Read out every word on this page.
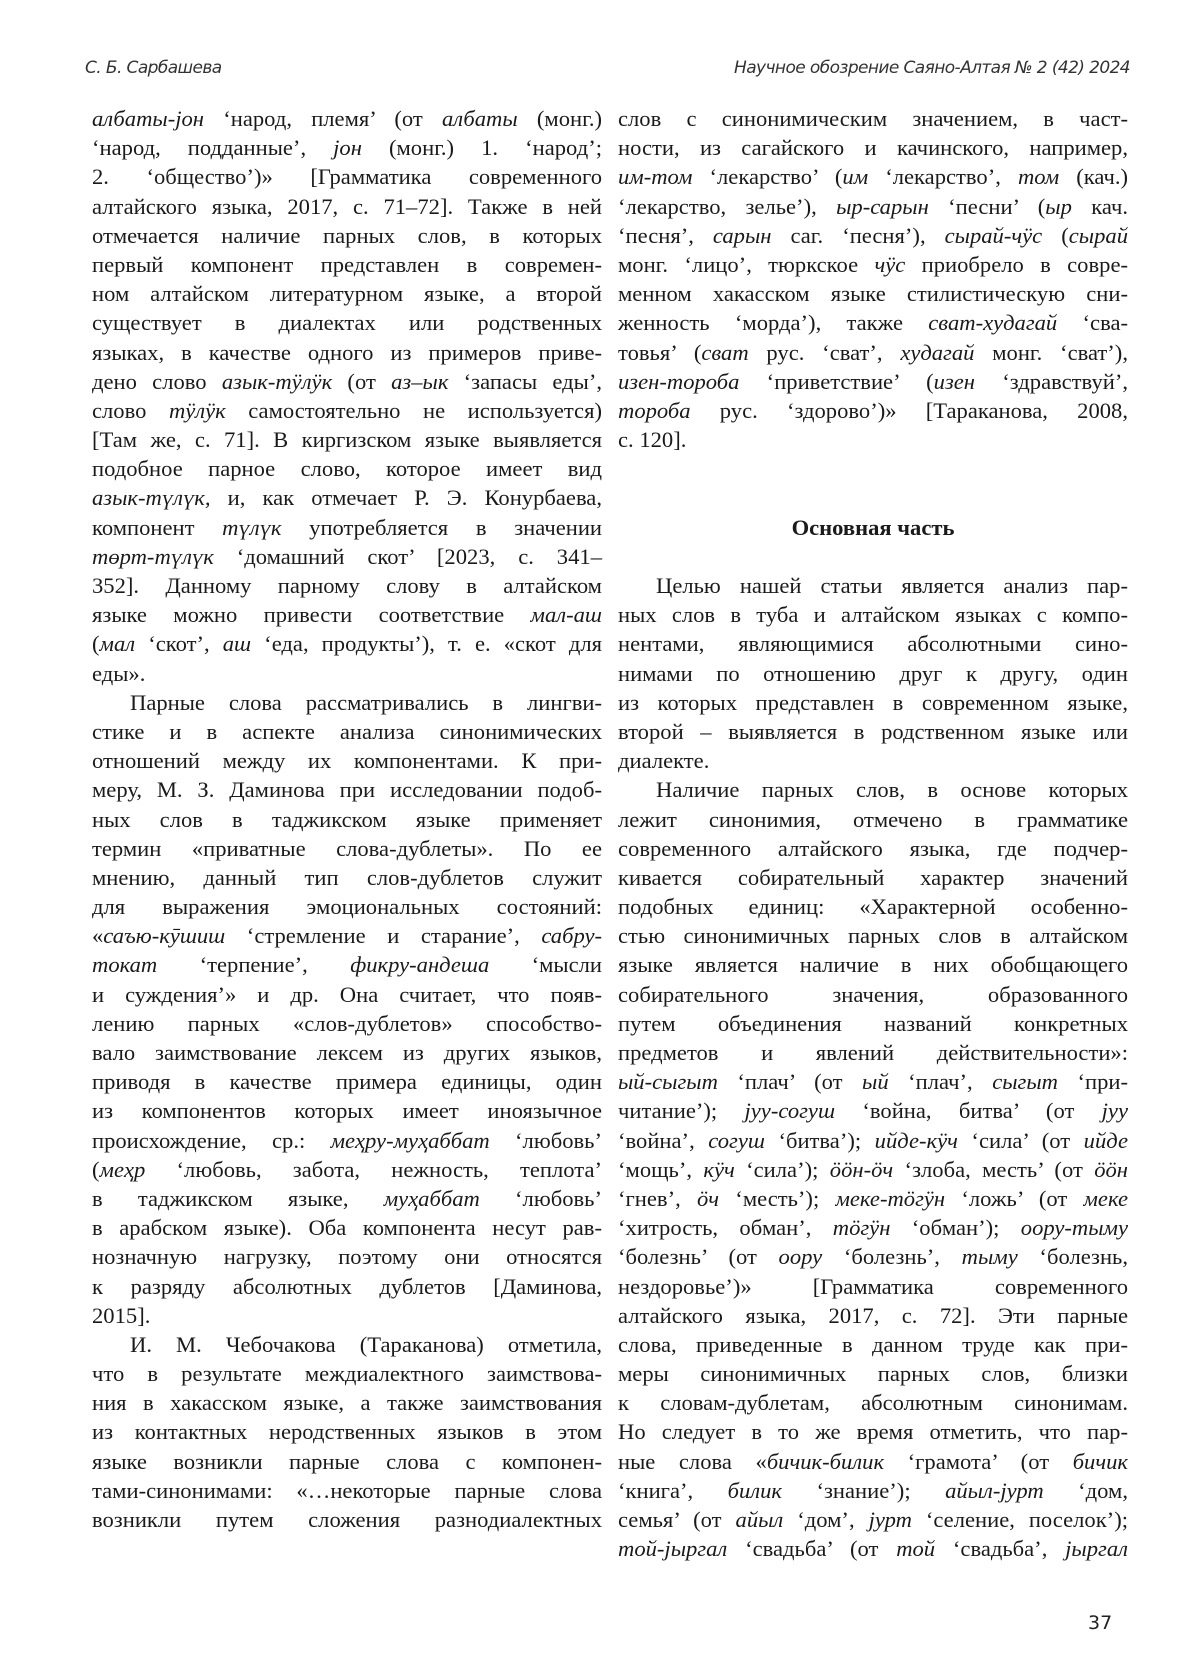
С. Б. Сарбашева	Научное обозрение Саяно-Алтая № 2 (42) 2024
албаты-jон ‘народ, племя’ (от албаты (монг.)
‘народ, подданные’, jон (монг.) 1. ‘народ’;
2. ‘общество’)» [Грамматика современного
алтайского языка, 2017, с. 71–72]. Также в ней
отмечается наличие парных слов, в которых
первый компонент представлен в современ-
ном алтайском литературном языке, а второй
существует в диалектах или родственных
языках, в качестве одного из примеров приве-
дено слово азык-тӱлӱк (от аз–ык ‘запасы еды’,
слово тӱлӱк самостоятельно не используется)
[Там же, с. 71]. В киргизском языке выявляется
подобное парное слово, которое имеет вид
азык-түлүк, и, как отмечает Р. Э. Конурбаева,
компонент түлүк употребляется в значении
төрт-түлүк ‘домашний скот’ [2023, с. 341–
352]. Данному парному слову в алтайском
языке можно привести соответствие мал-аш
(мал ‘скот’, аш ‘еда, продукты’), т. е. «скот для
еды».
Парные слова рассматривались в лингви-
стике и в аспекте анализа синонимических
отношений между их компонентами. К при-
меру, М. З. Даминова при исследовании подоб-
ных слов в таджикском языке применяет
термин «приватные слова-дублеты». По ее
мнению, данный тип слов-дублетов служит
для выражения эмоциональных состояний:
«саъю-кӯшиш ‘стремление и старание’, сабру-
токат ‘терпение’, фикру-андеша ‘мысли
и суждения’» и др. Она считает, что появ-
лению парных «слов-дублетов» способство-
вало заимствование лексем из других языков,
приводя в качестве примера единицы, один
из компонентов которых имеет иноязычное
происхождение, ср.: меҳру-муҳаббат ‘любовь’
(меҳр ‘любовь, забота, нежность, теплота’
в таджикском языке, муҳаббат ‘любовь’
в арабском языке). Оба компонента несут рав-
нозначную нагрузку, поэтому они относятся
к разряду абсолютных дублетов [Даминова,
2015].
И. М. Чебочакова (Тараканова) отметила,
что в результате междиалектного заимствова-
ния в хакасском языке, а также заимствования
из контактных неродственных языков в этом
языке возникли парные слова с компонен-
тами-синонимами: «…некоторые парные слова
возникли путем сложения разнодиалектных
слов с синонимическим значением, в част-
ности, из сагайского и качинского, например,
им-том ‘лекарство’ (им ‘лекарство’, том (кач.)
‘лекарство, зелье’), ыр-сарын ‘песни’ (ыр кач.
‘песня’, сарын саг. ‘песня’), сырай-чӱс (сырай
монг. ‘лицо’, тюркское чӱс приобрело в совре-
менном хакасском языке стилистическую сни-
женность ‘морда’), также сват-худагай ‘сва-
товья’ (сват рус. ‘сват’, худагай монг. ‘сват’),
изен-тороба ‘приветствие’ (изен ‘здравствуй’,
тороба рус. ‘здорово’)» [Тараканова, 2008,
с. 120].
Основная часть
Целью нашей статьи является анализ пар-
ных слов в туба и алтайском языках с компо-
нентами, являющимися абсолютными сино-
нимами по отношению друг к другу, один
из которых представлен в современном языке,
второй – выявляется в родственном языке или
диалекте.
Наличие парных слов, в основе которых
лежит синонимия, отмечено в грамматике
современного алтайского языка, где подчер-
кивается собирательный характер значений
подобных единиц: «Характерной особенно-
стью синонимичных парных слов в алтайском
языке является наличие в них обобщающего
собирательного значения, образованного
путем объединения названий конкретных
предметов и явлений действительности»:
ый-сыгыт ‘плач’ (от ый ‘плач’, сыгыт ‘при-
читание’); jуу-согуш ‘война, битва’ (от jуу
‘война’, согуш ‘битва’); ийде-кӱч ‘сила’ (от ийде
‘мощь’, кӱч ‘сила’); ӧӧн-ӧч ‘злоба, месть’ (от ӧӧн
‘гнев’, ӧч ‘месть’); меке-тӧгӱн ‘ложь’ (от меке
‘хитрость, обман’, тӧгӱн ‘обман’); оору-тыму
‘болезнь’ (от оору ‘болезнь’, тыму ‘болезнь,
нездоровье’)» [Грамматика современного
алтайского языка, 2017, с. 72]. Эти парные
слова, приведенные в данном труде как при-
меры синонимичных парных слов, близки
к словам-дублетам, абсолютным синонимам.
Но следует в то же время отметить, что пар-
ные слова «бичик-билик ‘грамота’ (от бичик
‘книга’, билик ‘знание’); айыл-jурт ‘дом,
семья’ (от айыл ‘дом’, jурт ‘селение, поселок’);
той-jыргал ‘свадьба’ (от той ‘свадьба’, jыргал
37
